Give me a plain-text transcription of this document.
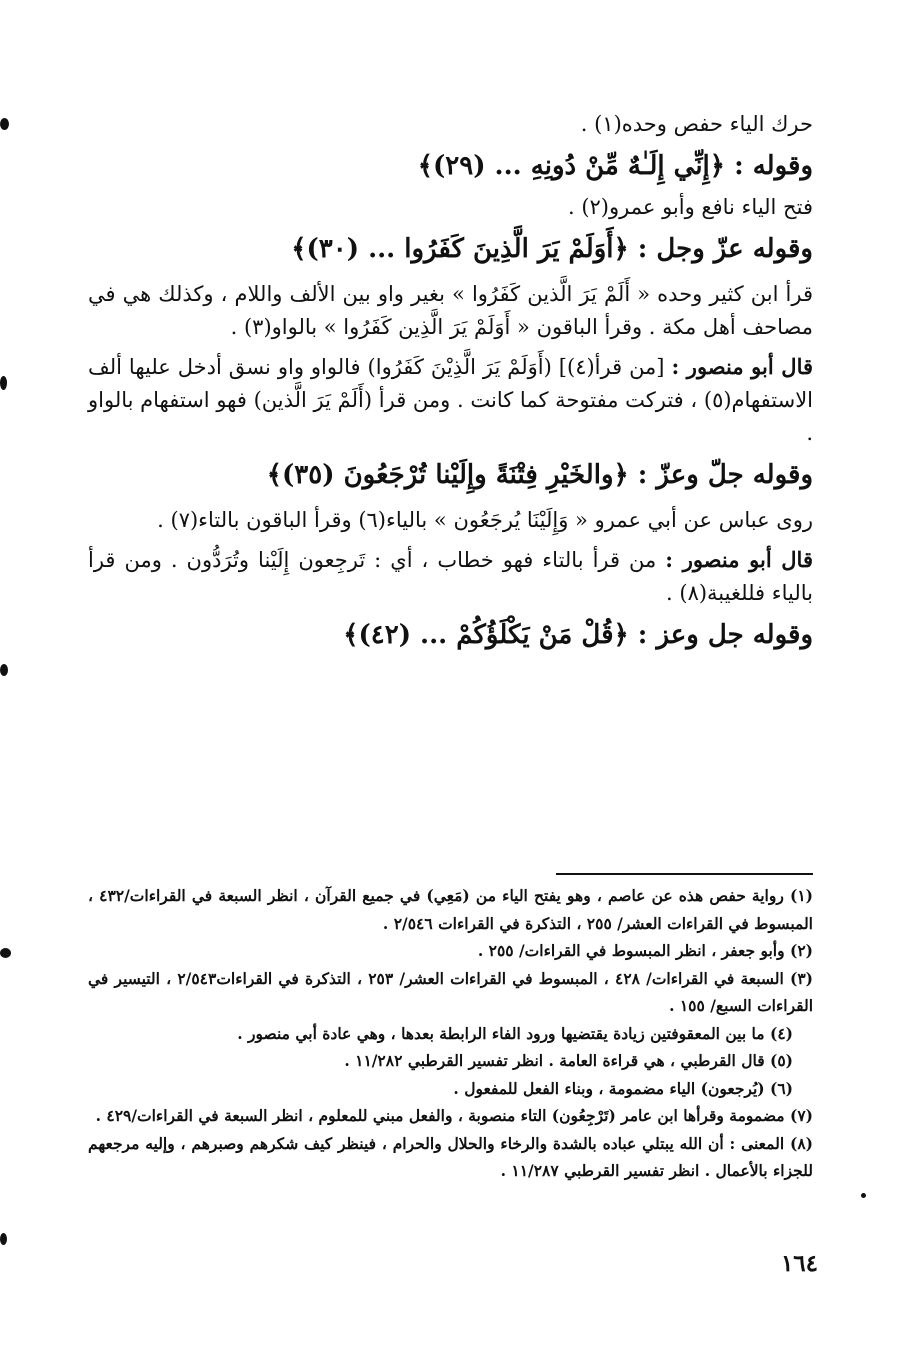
حرك الياء حفص وحده(١) .

وقوله : ﴿إِنِّي إِلَـٰهٌ مِّنْ دُونِهِ ... (٢٩)﴾

فتح الياء نافع وأبو عمرو(٢) .

وقوله عزّ وجل : ﴿أَوَلَمْ يَرَ الَّذِينَ كَفَرُوا ... (٣٠)﴾

قرأ ابن كثير وحده « أَلَمْ يَرَ الَّذين كَفَرُوا » بغير واو بين الألف واللام ، وكذلك هي في مصاحف أهل مكة . وقرأ الباقون « أَوَلَمْ يَرَ الَّذِين كَفَرُوا » بالواو(٣) .

قال أبو منصور : [من قرأ(٤)] (أَوَلَمْ يَرَ الَّذِيْنَ كَفَرُوا) فالواو واو نسق أدخل عليها ألف الاستفهام(٥) ، فتركت مفتوحة كما كانت . ومن قرأ (أَلَمْ يَرَ الَّذين) فهو استفهام بالواو .

وقوله جلّ وعزّ : ﴿والخَيْرِ فِتْنَةً وإِلَيْنا تُرْجَعُونَ (٣٥)﴾

روى عباس عن أبي عمرو « وَإِلَيْنَا يُرجَعُون » بالياء(٦) وقرأ الباقون بالتاء(٧) .

قال أبو منصور : من قرأ بالتاء فهو خطاب ، أي : تَرجِعون إِلَيْنا وتُرَدُّون . ومن قرأ بالياء فللغيبة(٨) .

وقوله جل وعز : ﴿قُلْ مَنْ يَكْلَؤُكُمْ ... (٤٢)﴾

(١) رواية حفص هذه عن عاصم ، وهو يفتح الياء من (مَعِي) في جميع القرآن ، انظر السبعة في القراءات/٤٣٢ ، المبسوط في القراءات العشر/ ٢٥٥ ، التذكرة في القراءات ٢/٥٤٦ .

(٢) وأبو جعفر ، انظر المبسوط في القراءات/ ٢٥٥ .

(٣) السبعة في القراءات/ ٤٢٨ ، المبسوط في القراءات العشر/ ٢٥٣ ، التذكرة في القراءات٢/٥٤٣ ، التيسير في القراءات السبع/ ١٥٥ .

(٤) ما بين المعقوفتين زيادة يقتضيها ورود الفاء الرابطة بعدها ، وهي عادة أبي منصور .

(٥) قال القرطبي ، هي قراءة العامة . انظر تفسير القرطبي ١١/٢٨٢ .

(٦) (يُرجعون) الياء مضمومة ، وبناء الفعل للمفعول .

(٧) مضمومة وقرأها ابن عامر (تَرْجِعُون) التاء منصوبة ، والفعل مبني للمعلوم ، انظر السبعة في القراءات/٤٢٩ .

(٨) المعنى : أن الله يبتلي عباده بالشدة والرخاء والحلال والحرام ، فينظر كيف شكرهم وصبرهم ، وإليه مرجعهم للجزاء بالأعمال . انظر تفسير القرطبي ١١/٢٨٧ .

١٦٤
